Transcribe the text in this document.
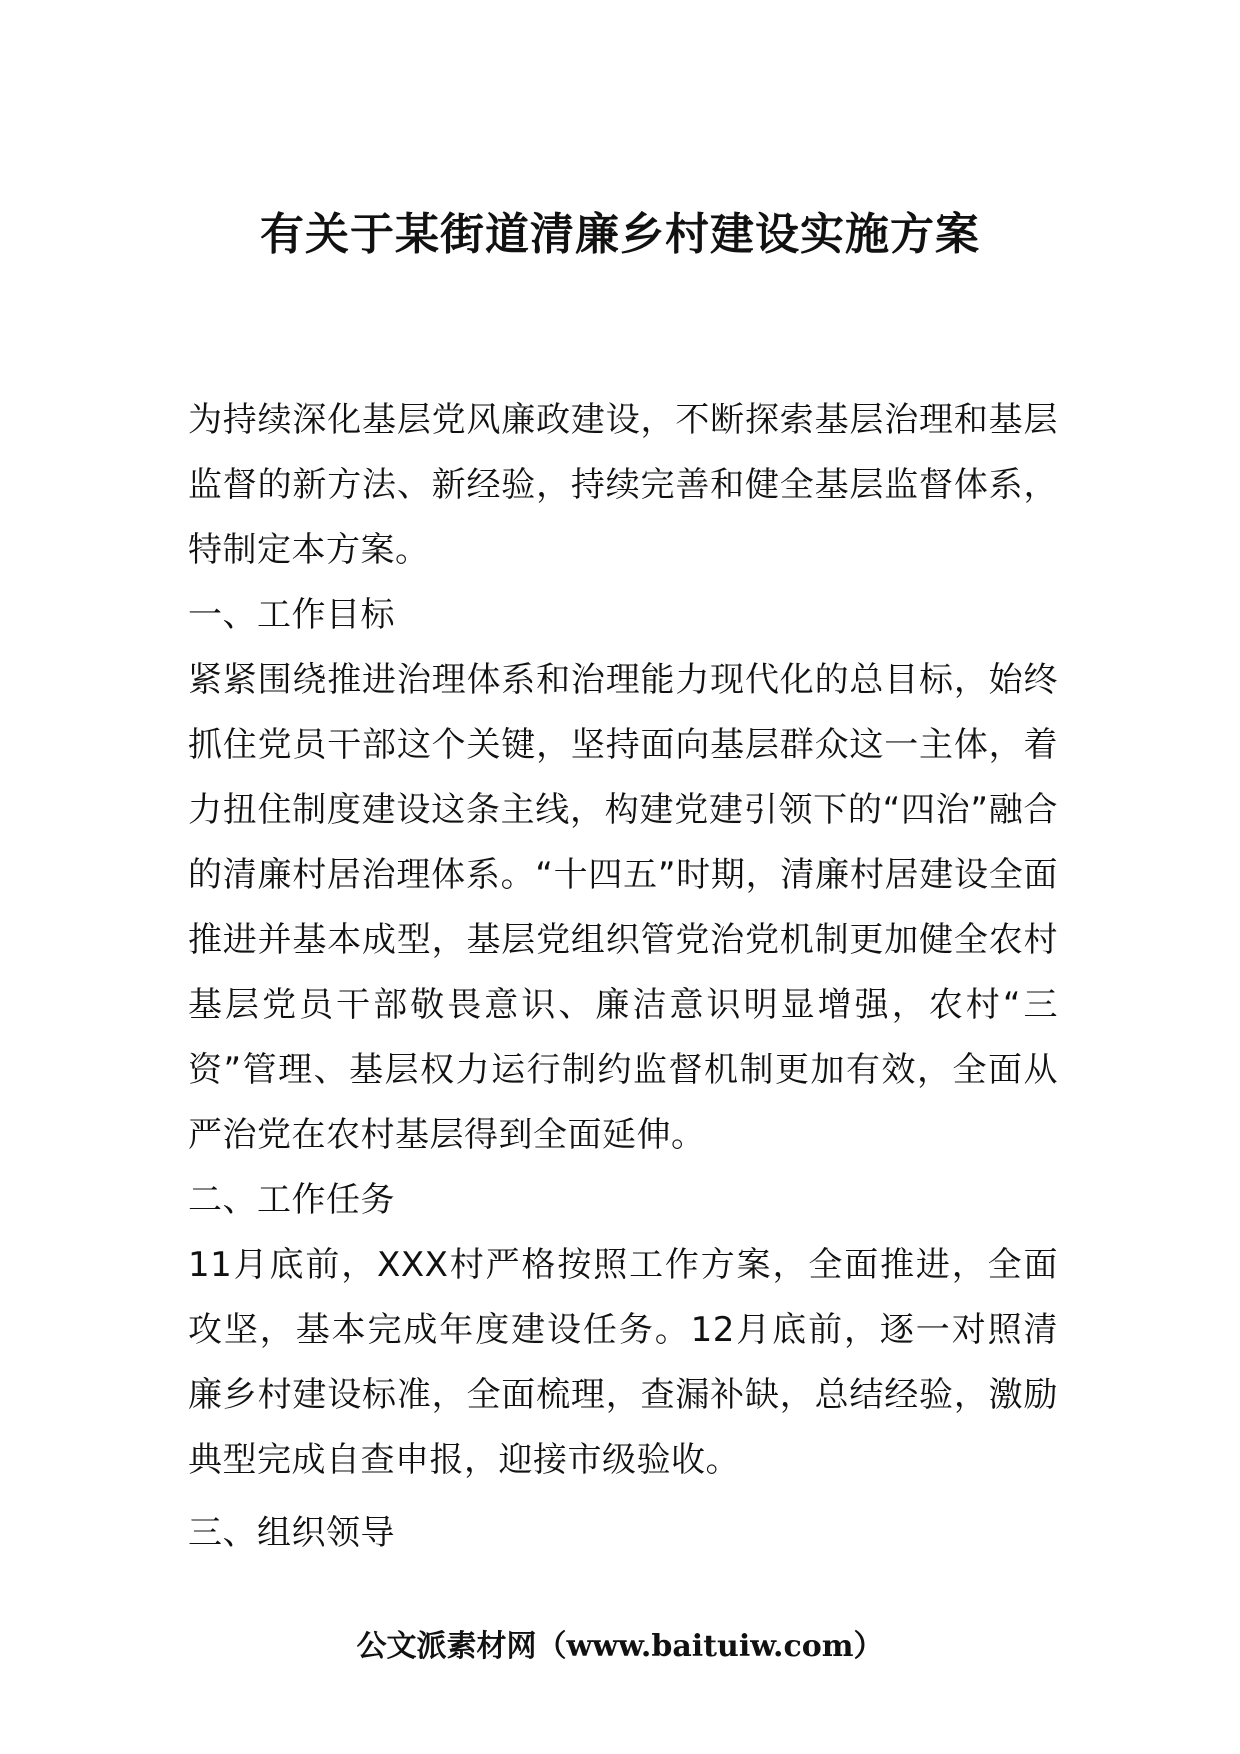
有关于某街道清廉乡村建设实施方案

为持续深化基层党风廉政建设，不断探索基层治理和基层监督的新方法、新经验，持续完善和健全基层监督体系，特制定本方案。

一、工作目标

紧紧围绕推进治理体系和治理能力现代化的总目标，始终抓住党员干部这个关键，坚持面向基层群众这一主体，着力扭住制度建设这条主线，构建党建引领下的“四治”融合的清廉村居治理体系。“十四五”时期，清廉村居建设全面推进并基本成型，基层党组织管党治党机制更加健全农村基层党员干部敬畏意识、廉洁意识明显增强，农村“三资”管理、基层权力运行制约监督机制更加有效，全面从严治党在农村基层得到全面延伸。

二、工作任务

11月底前，XXX村严格按照工作方案，全面推进，全面攻坚，基本完成年度建设任务。12月底前，逐一对照清廉乡村建设标准，全面梳理，查漏补缺，总结经验，激励典型完成自查申报，迎接市级验收。

三、组织领导

公文派素材网（www.baituiw.com）
